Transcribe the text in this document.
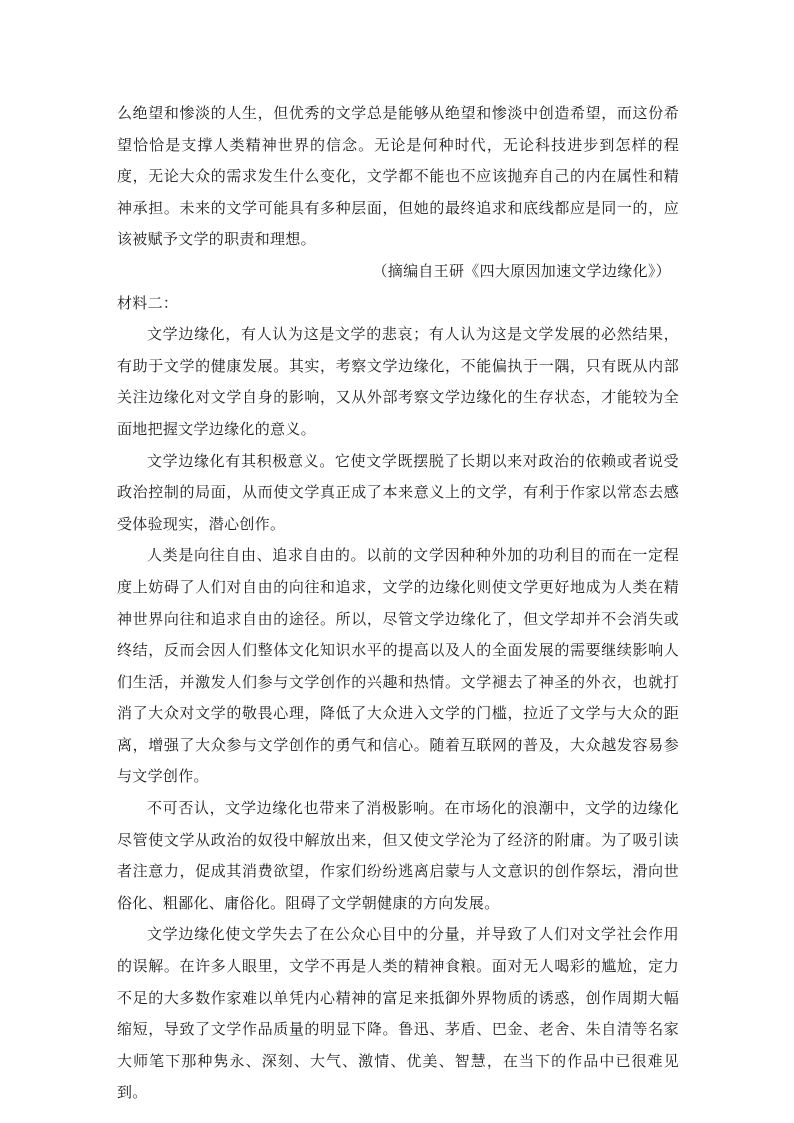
么绝望和惨淡的人生，但优秀的文学总是能够从绝望和惨淡中创造希望，而这份希望恰恰是支撑人类精神世界的信念。无论是何种时代，无论科技进步到怎样的程度，无论大众的需求发生什么变化，文学都不能也不应该抛弃自己的内在属性和精神承担。未来的文学可能具有多种层面，但她的最终追求和底线都应是同一的，应该被赋予文学的职责和理想。

（摘编自王研《四大原因加速文学边缘化》）

材料二：

文学边缘化，有人认为这是文学的悲哀；有人认为这是文学发展的必然结果，有助于文学的健康发展。其实，考察文学边缘化，不能偏执于一隅，只有既从内部关注边缘化对文学自身的影响，又从外部考察文学边缘化的生存状态，才能较为全面地把握文学边缘化的意义。

文学边缘化有其积极意义。它使文学既摆脱了长期以来对政治的依赖或者说受政治控制的局面，从而使文学真正成了本来意义上的文学，有利于作家以常态去感受体验现实，潜心创作。

人类是向往自由、追求自由的。以前的文学因种种外加的功利目的而在一定程度上妨碍了人们对自由的向往和追求，文学的边缘化则使文学更好地成为人类在精神世界向往和追求自由的途径。所以，尽管文学边缘化了，但文学却并不会消失或终结，反而会因人们整体文化知识水平的提高以及人的全面发展的需要继续影响人们生活，并激发人们参与文学创作的兴趣和热情。文学褪去了神圣的外衣，也就打消了大众对文学的敬畏心理，降低了大众进入文学的门槛，拉近了文学与大众的距离，增强了大众参与文学创作的勇气和信心。随着互联网的普及，大众越发容易参与文学创作。

不可否认，文学边缘化也带来了消极影响。在市场化的浪潮中，文学的边缘化尽管使文学从政治的奴役中解放出来，但又使文学沦为了经济的附庸。为了吸引读者注意力，促成其消费欲望，作家们纷纷逃离启蒙与人文意识的创作祭坛，滑向世俗化、粗鄙化、庸俗化。阻碍了文学朝健康的方向发展。

文学边缘化使文学失去了在公众心目中的分量，并导致了人们对文学社会作用的误解。在许多人眼里，文学不再是人类的精神食粮。面对无人喝彩的尴尬，定力不足的大多数作家难以单凭内心精神的富足来抵御外界物质的诱惑，创作周期大幅缩短，导致了文学作品质量的明显下降。鲁迅、茅盾、巴金、老舍、朱自清等名家大师笔下那种隽永、深刻、大气、激情、优美、智慧，在当下的作品中已很难见到。
